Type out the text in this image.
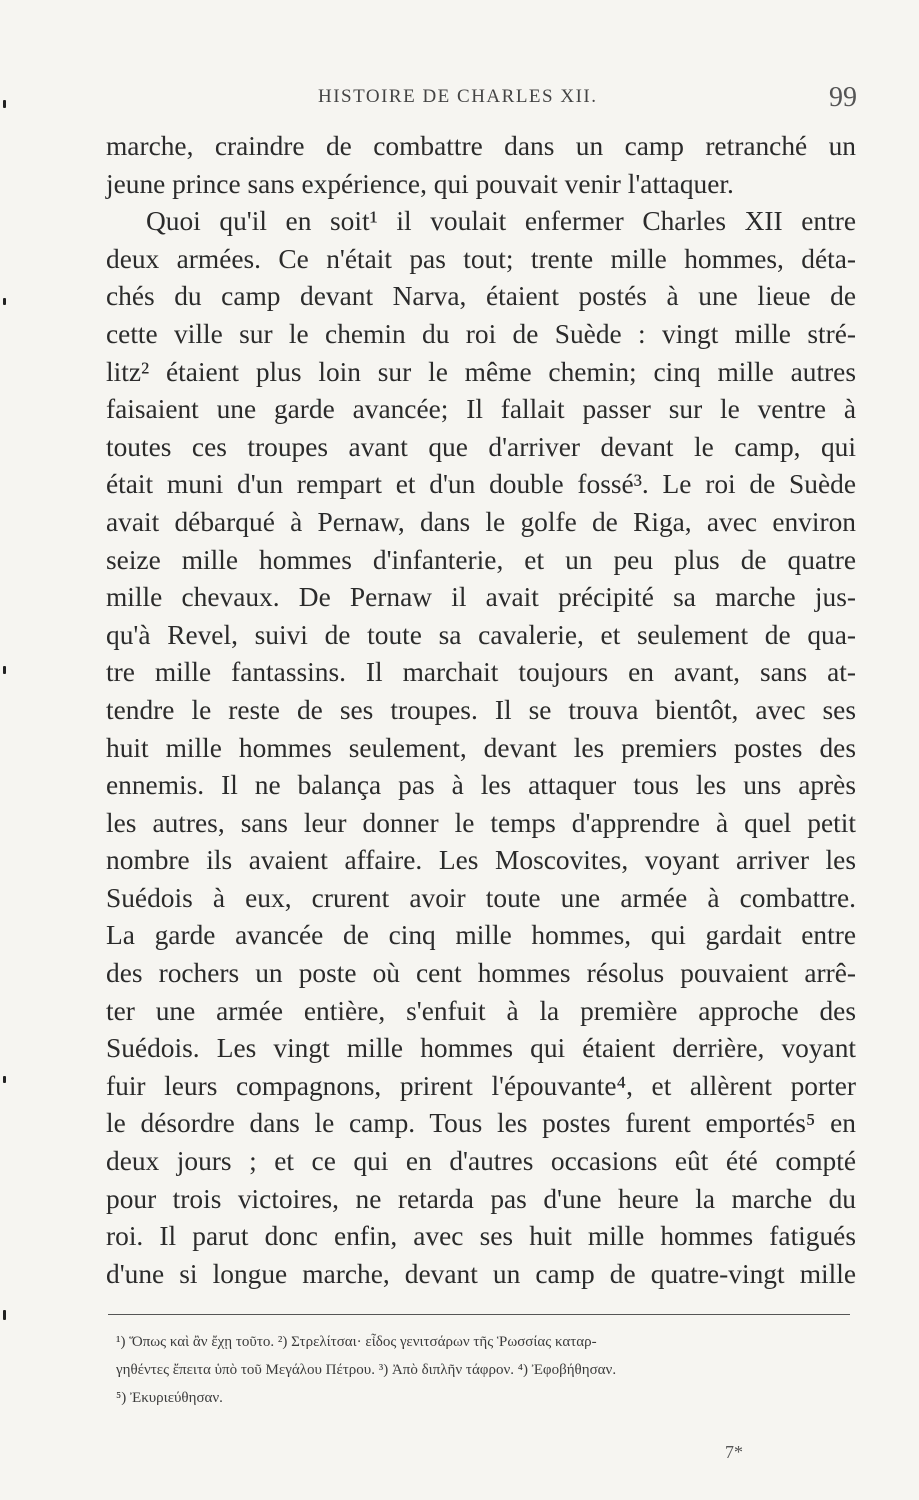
HISTOIRE DE CHARLES XII.	99
marche, craindre de combattre dans un camp retranché un
jeune prince sans expérience, qui pouvait venir l'attaquer.
Quoi qu'il en soit¹ il voulait enfermer Charles XII entre
deux armées. Ce n'était pas tout; trente mille hommes, déta-
chés du camp devant Narva, étaient postés à une lieue de
cette ville sur le chemin du roi de Suède : vingt mille stré-
litz² étaient plus loin sur le même chemin; cinq mille autres
faisaient une garde avancée; Il fallait passer sur le ventre à
toutes ces troupes avant que d'arriver devant le camp, qui
était muni d'un rempart et d'un double fossé³. Le roi de Suède
avait débarqué à Pernaw, dans le golfe de Riga, avec environ
seize mille hommes d'infanterie, et un peu plus de quatre
mille chevaux. De Pernaw il avait précipité sa marche jus-
qu'à Revel, suivi de toute sa cavalerie, et seulement de qua-
tre mille fantassins. Il marchait toujours en avant, sans at-
tendre le reste de ses troupes. Il se trouva bientôt, avec ses
huit mille hommes seulement, devant les premiers postes des
ennemis. Il ne balança pas à les attaquer tous les uns après
les autres, sans leur donner le temps d'apprendre à quel petit
nombre ils avaient affaire. Les Moscovites, voyant arriver les
Suédois à eux, crurent avoir toute une armée à combattre.
La garde avancée de cinq mille hommes, qui gardait entre
des rochers un poste où cent hommes résolus pouvaient arrê-
ter une armée entière, s'enfuit à la première approche des
Suédois. Les vingt mille hommes qui étaient derrière, voyant
fuir leurs compagnons, prirent l'épouvante⁴, et allèrent porter
le désordre dans le camp. Tous les postes furent emportés⁵ en
deux jours ; et ce qui en d'autres occasions eût été compté
pour trois victoires, ne retarda pas d'une heure la marche du
roi. Il parut donc enfin, avec ses huit mille hommes fatigués
d'une si longue marche, devant un camp de quatre-vingt mille
¹) Ὅπως καὶ ἂν ἔχῃ τοῦτο. ²) Στρελίτσαι· εἶδος γενιτσάρων τῆς Ῥωσσίας καταρ-
γηθέντες ἔπειτα ὑπὸ τοῦ Μεγάλου Πέτρου. ³) Ἀπὸ διπλῆν τάφρον. ⁴) Ἐφοβήθησαν.
⁵) Ἐκυριεύθησαν.
7*
